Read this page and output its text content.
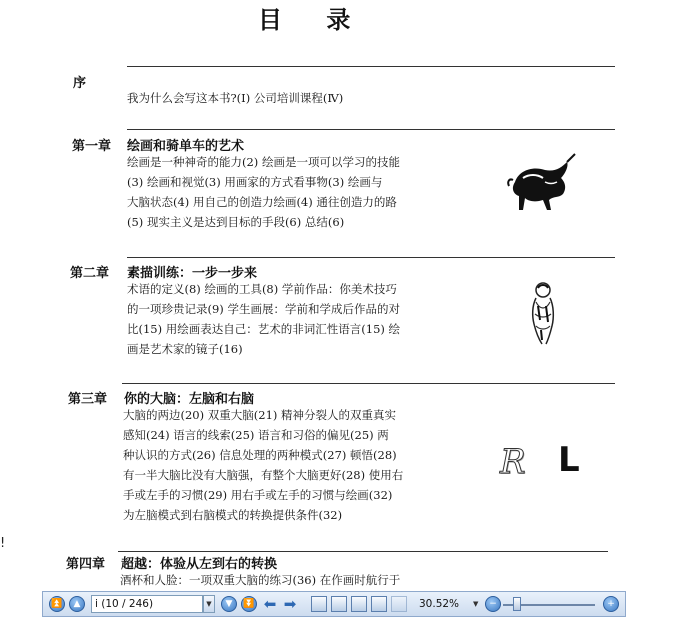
目 录
序
我为什么会写这本书?(Ⅰ) 公司培训课程(Ⅳ)
第一章 绘画和骑单车的艺术
绘画是一种神奇的能力(2) 绘画是一项可以学习的技能
(3) 绘画和视觉(3) 用画家的方式看事物(3) 绘画与
大脑状态(4) 用自己的创造力绘画(4) 通往创造力的路
(5) 现实主义是达到目标的手段(6) 总结(6)
第二章 素描训练：一步一步来
术语的定义(8) 绘画的工具(8) 学前作品：你美术技巧
的一项珍贵记录(9) 学生画展：学前和学成后作品的对
比(15) 用绘画表达自己：艺术的非词汇性语言(15) 绘
画是艺术家的镜子(16)
第三章 你的大脑：左脑和右脑
大脑的两边(20) 双重大脑(21) 精神分裂人的双重真实
感知(24) 语言的线索(25) 语言和习俗的偏见(25) 两
种认识的方式(26) 信息处理的两种模式(27) 顿悟(28)
有一半大脑比没有大脑强，有整个大脑更好(28) 使用右
手或左手的习惯(29) 用右手或左手的习惯与绘画(32)
为左脑模式到右脑模式的转换提供条件(32)
R L
!
第四章 超越：体验从左到右的转换
酒杯和人脸：一项双重大脑的练习(36) 在作画时航行于
⏫	▲	i (10 / 246)	▼	▼	⏬ ⬅ ➡	30.52% ▼	−	+
